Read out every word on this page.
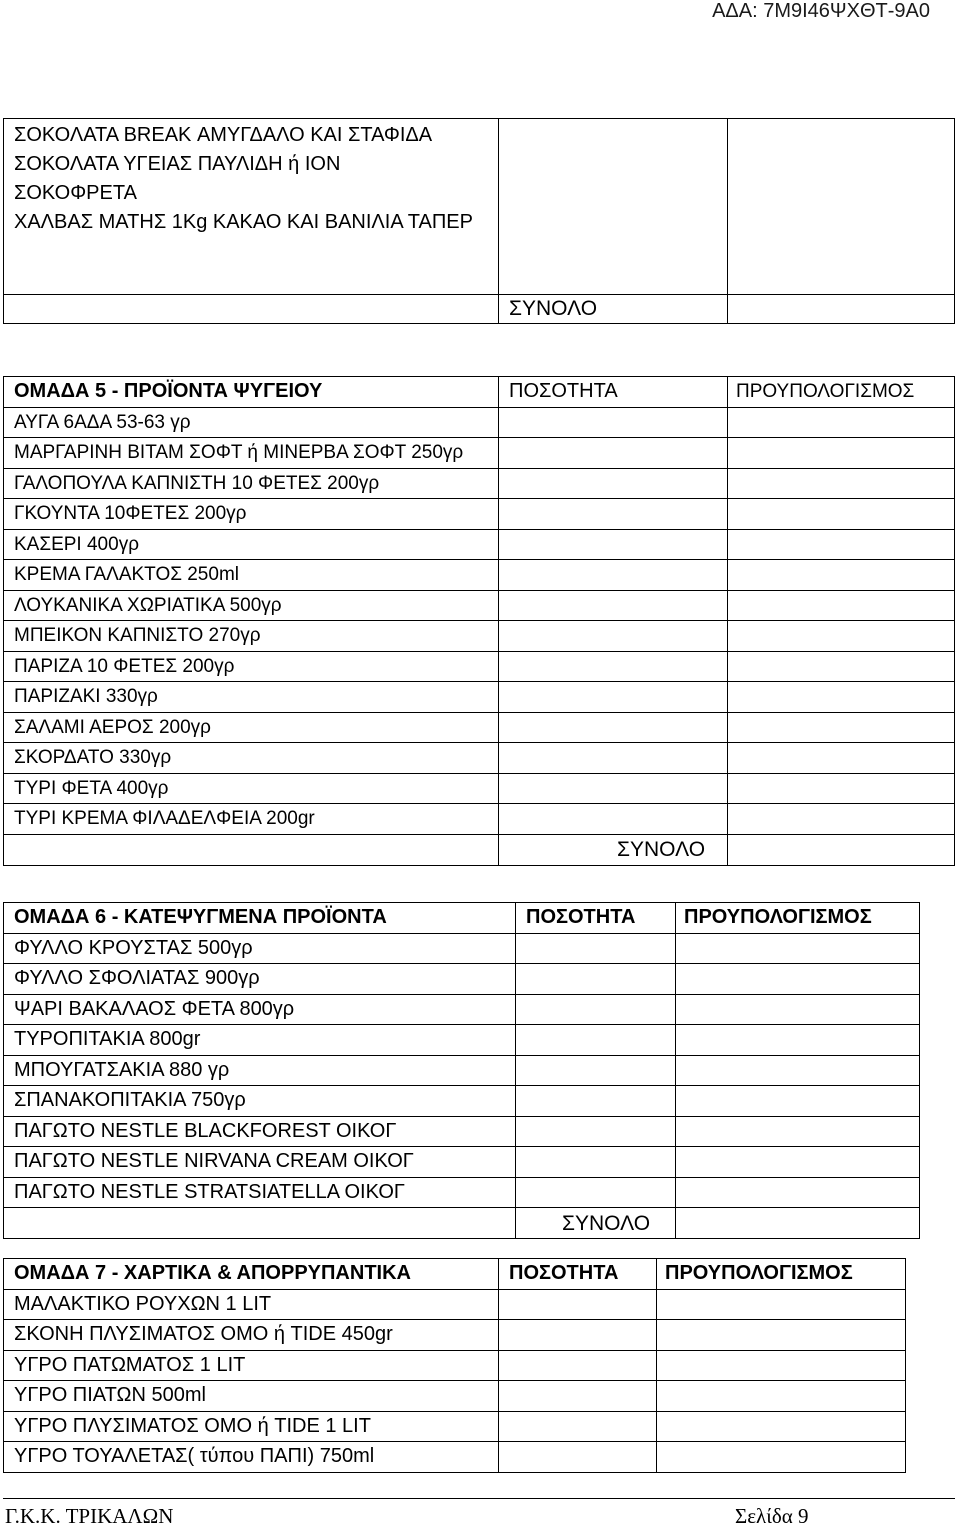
ΑΔΑ: 7Μ9Ι46ΨΧΘΤ-9Α0
ΣΟΚΟΛΑΤΑ BREAK ΑΜΥΓΔΑΛΟ ΚΑΙ ΣΤΑΦΙΔΑ
ΣΟΚΟΛΑΤΑ ΥΓΕΙΑΣ ΠΑΥΛΙΔΗ ή ΙΟΝ
ΣΟΚΟΦΡΕΤΑ
ΧΑΛΒΑΣ ΜΑΤΗΣ 1Kg ΚΑΚΑΟ ΚΑΙ ΒΑΝΙΛΙΑ ΤΑΠΕΡ		

	ΣΥΝΟΛΟ	
ΟΜΑΔΑ 5 - ΠΡΟΪΟΝΤΑ ΨΥΓΕΙΟΥ	ΠΟΣΟΤΗΤΑ	ΠΡΟΥΠΟΛΟΓΙΣΜΟΣ
ΑΥΓΑ 6ΑΔΑ 53-63 γρ		
ΜΑΡΓΑΡΙΝΗ ΒΙΤΑΜ ΣΟΦΤ ή ΜΙΝΕΡΒΑ ΣΟΦΤ 250γρ		
ΓΑΛΟΠΟΥΛΑ ΚΑΠΝΙΣΤΗ 10 ΦΕΤΕΣ 200γρ		
ΓΚΟΥΝΤΑ 10ΦΕΤΕΣ 200γρ		
ΚΑΣΕΡΙ 400γρ		
ΚΡΕΜΑ ΓΑΛΑΚΤΟΣ 250ml		
ΛΟΥΚΑΝΙΚΑ ΧΩΡΙΑΤΙΚΑ 500γρ		
ΜΠΕΙΚΟΝ ΚΑΠΝΙΣΤΟ 270γρ		
ΠΑΡΙΖΑ 10 ΦΕΤΕΣ 200γρ		
ΠΑΡΙΖΑΚΙ 330γρ		
ΣΑΛΑΜΙ ΑΕΡΟΣ 200γρ		
ΣΚΟΡΔΑΤΟ 330γρ		
ΤΥΡΙ ΦΕΤΑ 400γρ		
ΤΥΡΙ ΚΡΕΜΑ ΦΙΛΑΔΕΛΦΕΙΑ 200gr		
	ΣΥΝΟΛΟ	
ΟΜΑΔΑ 6 - ΚΑΤΕΨΥΓΜΕΝΑ ΠΡΟΪΟΝΤΑ	ΠΟΣΟΤΗΤΑ	ΠΡΟΥΠΟΛΟΓΙΣΜΟΣ
ΦΥΛΛΟ ΚΡΟΥΣΤΑΣ 500γρ		
ΦΥΛΛΟ ΣΦΟΛΙΑΤΑΣ 900γρ		
ΨΑΡΙ ΒΑΚΑΛΑΟΣ ΦΕΤΑ 800γρ		
ΤΥΡΟΠΙΤΑΚΙΑ 800gr		
ΜΠΟΥΓΑΤΣΑΚΙΑ 880 γρ		
ΣΠΑΝΑΚΟΠΙΤΑΚΙΑ 750γρ		
ΠΑΓΩΤΟ NESTLE BLACKFOREST ΟΙΚΟΓ		
ΠΑΓΩΤΟ NESTLE NIRVANA CREAM ΟΙΚΟΓ		
ΠΑΓΩΤΟ NESTLE STRATSIATELLA ΟΙΚΟΓ		
	ΣΥΝΟΛΟ	
ΟΜΑΔΑ 7 - ΧΑΡΤΙΚΑ & ΑΠΟΡΡΥΠΑΝΤΙΚΑ	ΠΟΣΟΤΗΤΑ	ΠΡΟΥΠΟΛΟΓΙΣΜΟΣ
ΜΑΛΑΚΤΙΚΟ ΡΟΥΧΩΝ 1 LIT		
ΣΚΟΝΗ ΠΛΥΣΙΜΑΤΟΣ ΟΜΟ ή TIDE 450gr		
ΥΓΡΟ ΠΑΤΩΜΑΤΟΣ 1 LIT		
ΥΓΡΟ ΠΙΑΤΩΝ 500ml		
ΥΓΡΟ ΠΛΥΣΙΜΑΤΟΣ ΟΜΟ ή TIDE 1 LIT		
ΥΓΡΟ ΤΟΥΑΛΕΤΑΣ( τύπου ΠΑΠΙ) 750ml		
Γ.Κ.Κ. ΤΡΙΚΑΛΩΝ	Σελίδα 9
